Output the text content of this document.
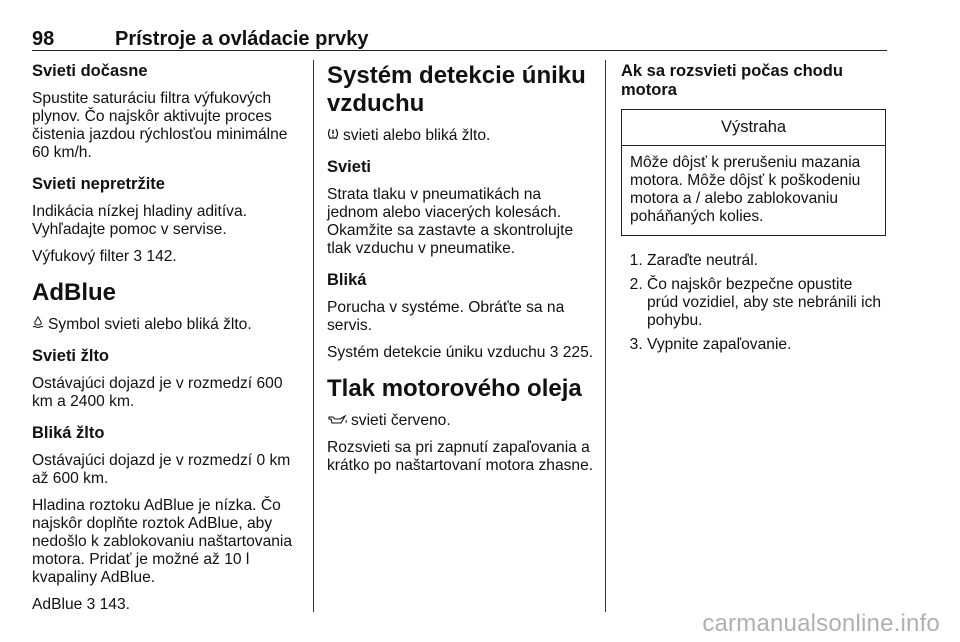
98	Prístroje a ovládacie prvky
Svieti dočasne

Spustite saturáciu filtra výfukových plynov. Čo najskôr aktivujte proces čistenia jazdou rýchlosťou minimálne 60 km/h.

Svieti nepretržite

Indikácia nízkej hladiny aditíva. Vyhľadajte pomoc v servise.

Výfukový filter 3 142.

AdBlue

Symbol svieti alebo bliká žlto.

Svieti žlto

Ostávajúci dojazd je v rozmedzí 600 km a 2400 km.

Bliká žlto

Ostávajúci dojazd je v rozmedzí 0 km až 600 km.

Hladina roztoku AdBlue je nízka. Čo najskôr doplňte roztok AdBlue, aby nedošlo k zablokovaniu naštartovania motora. Pridať je možné až 10 l kvapaliny AdBlue.

AdBlue 3 143.

Systém detekcie úniku vzduchu

svieti alebo bliká žlto.

Svieti

Strata tlaku v pneumatikách na jednom alebo viacerých kolesách. Okamžite sa zastavte a skontrolujte tlak vzduchu v pneumatike.

Bliká

Porucha v systéme. Obráťte sa na servis.

Systém detekcie úniku vzduchu 3 225.

Tlak motorového oleja

svieti červeno.

Rozsvieti sa pri zapnutí zapaľovania a krátko po naštartovaní motora zhasne.

Ak sa rozsvieti počas chodu motora
Výstraha
Môže dôjsť k prerušeniu mazania motora. Môže dôjsť k poškodeniu motora a / alebo zablokovaniu poháňaných kolies.
1. Zaraďte neutrál.
2. Čo najskôr bezpečne opustite prúd vozidiel, aby ste nebránili ich pohybu.
3. Vypnite zapaľovanie.
carmanualsonline.info
